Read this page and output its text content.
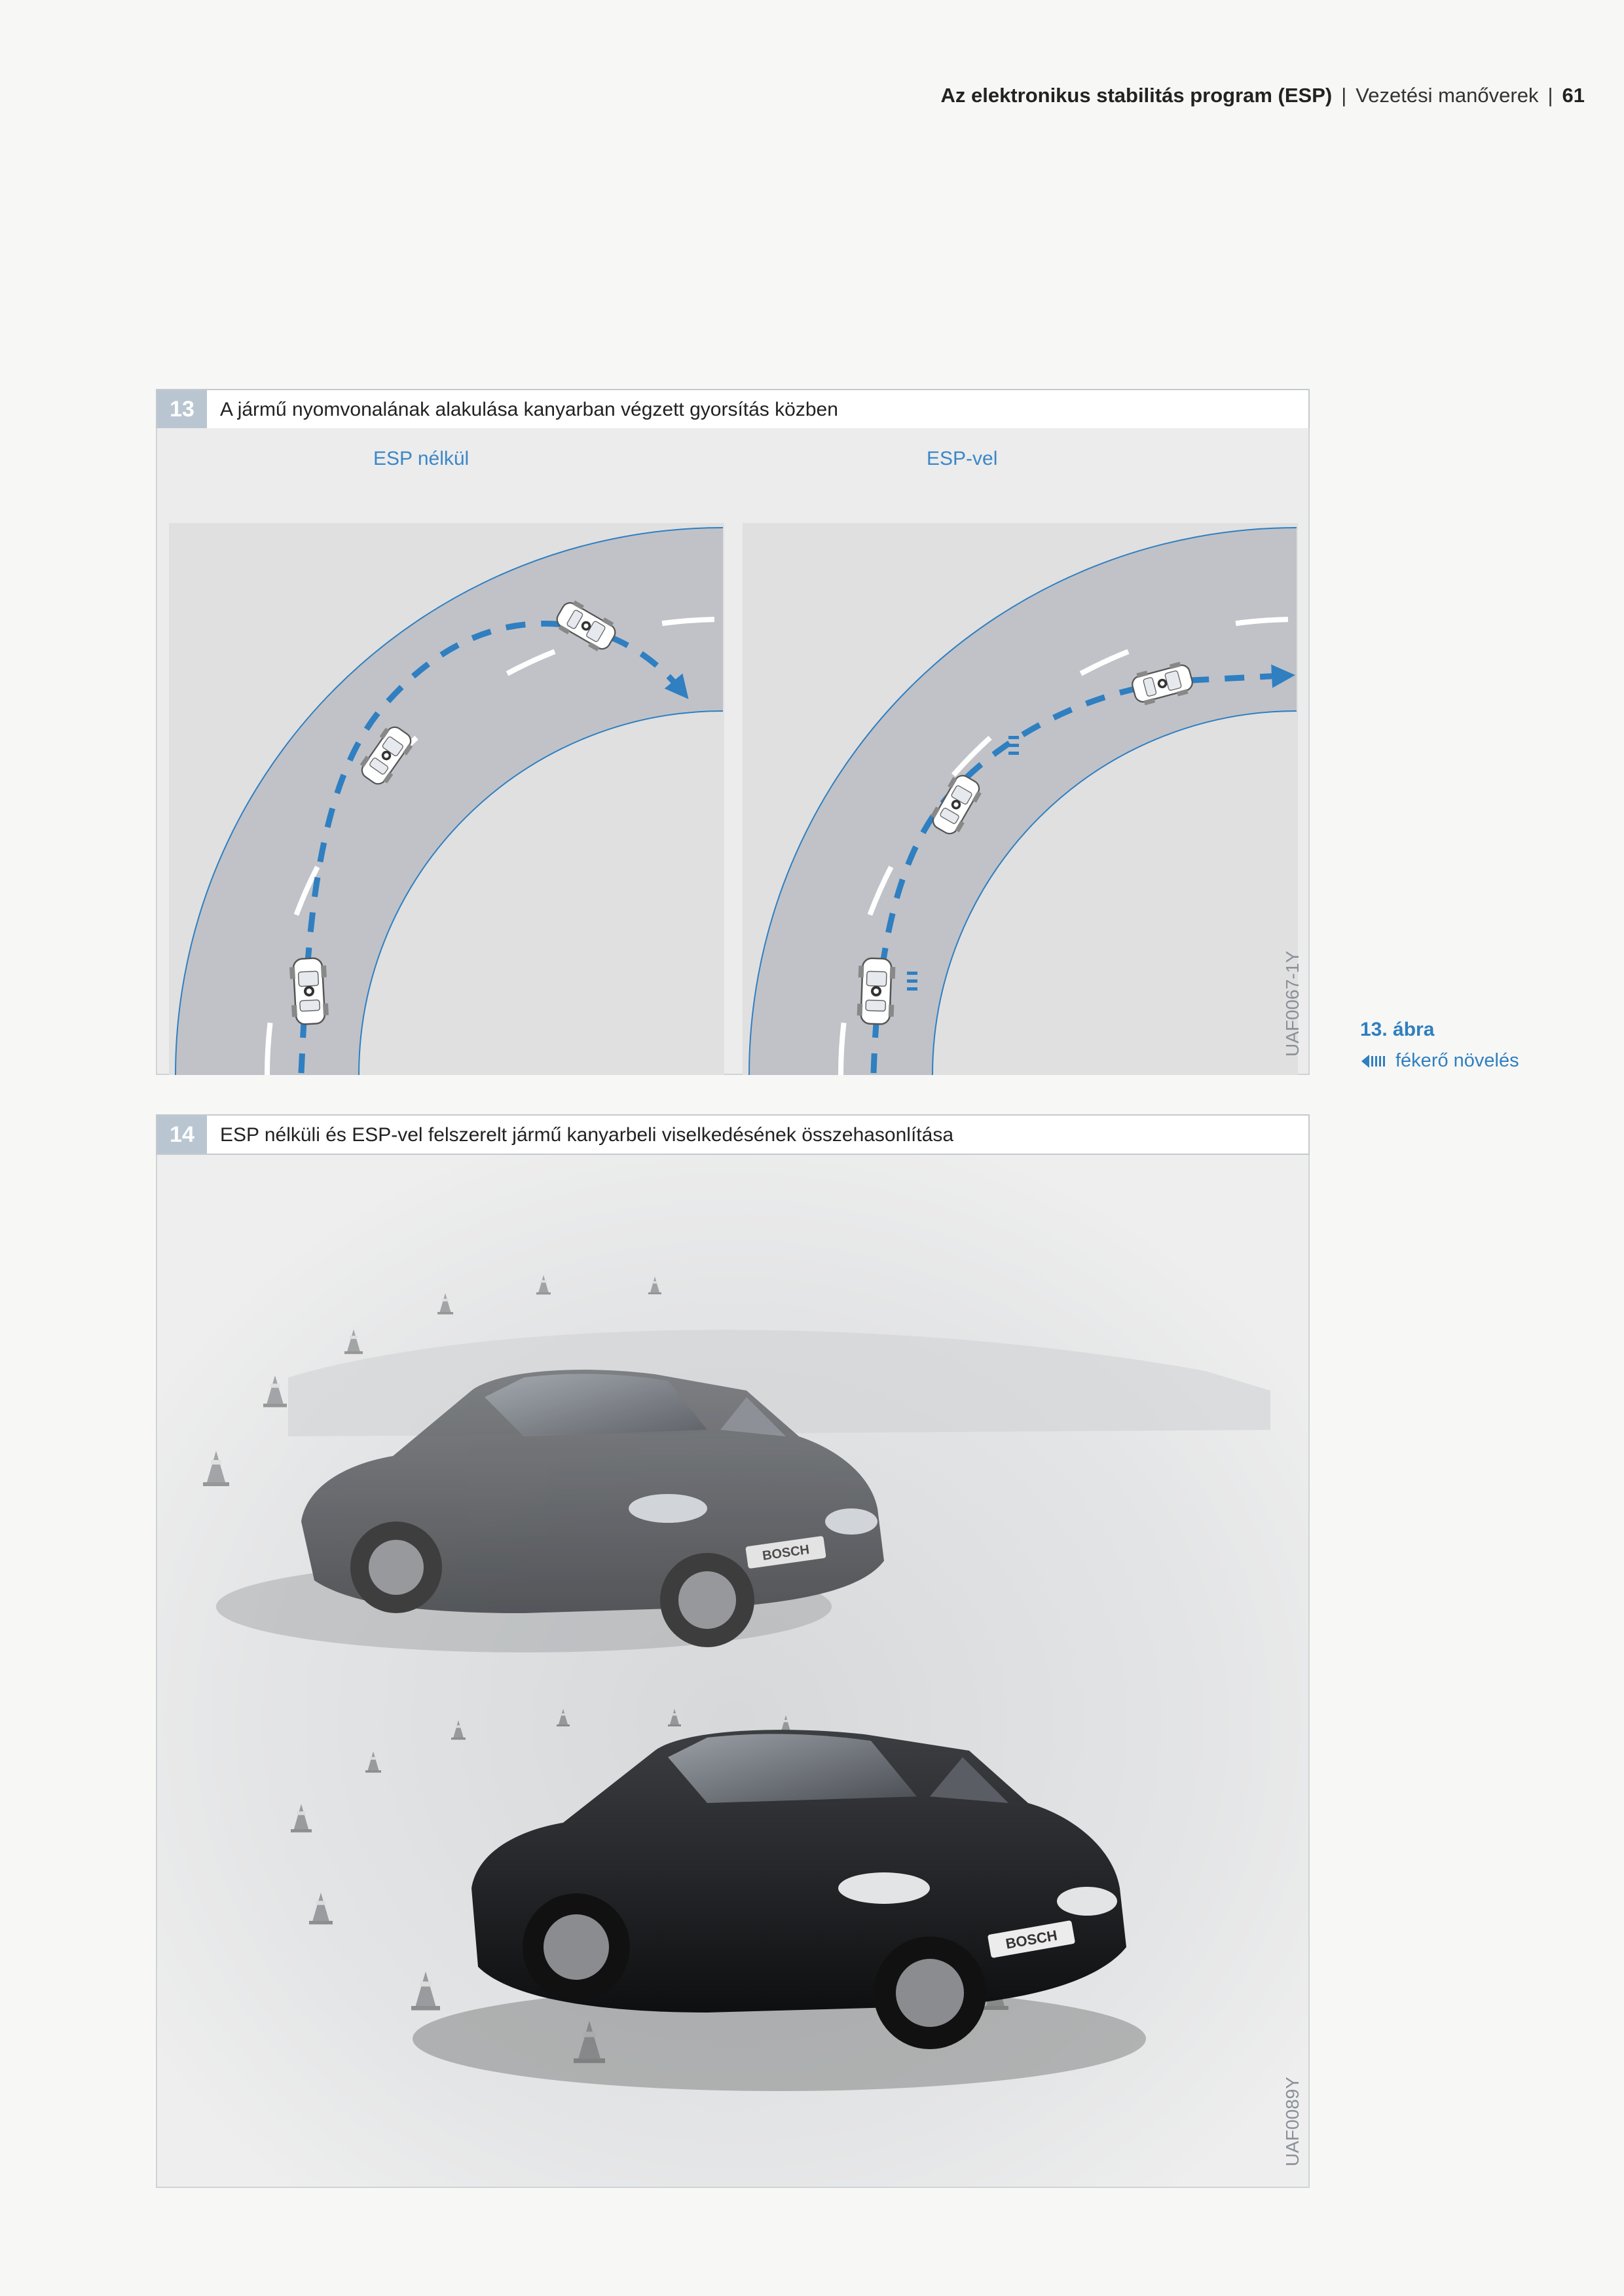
Az elektronikus stabilitás program (ESP) | Vezetési manőverek | 61
13	A jármű nyomvonalának alakulása kanyarban végzett gyorsítás közben
ESP nélkül	ESP-vel
UAF0067-1Y	13. ábra
fékerő növelés
14	ESP nélküli és ESP-vel felszerelt jármű kanyarbeli viselkedésének összehasonlítása
BOSCH
BOSCH
UAF0089Y
